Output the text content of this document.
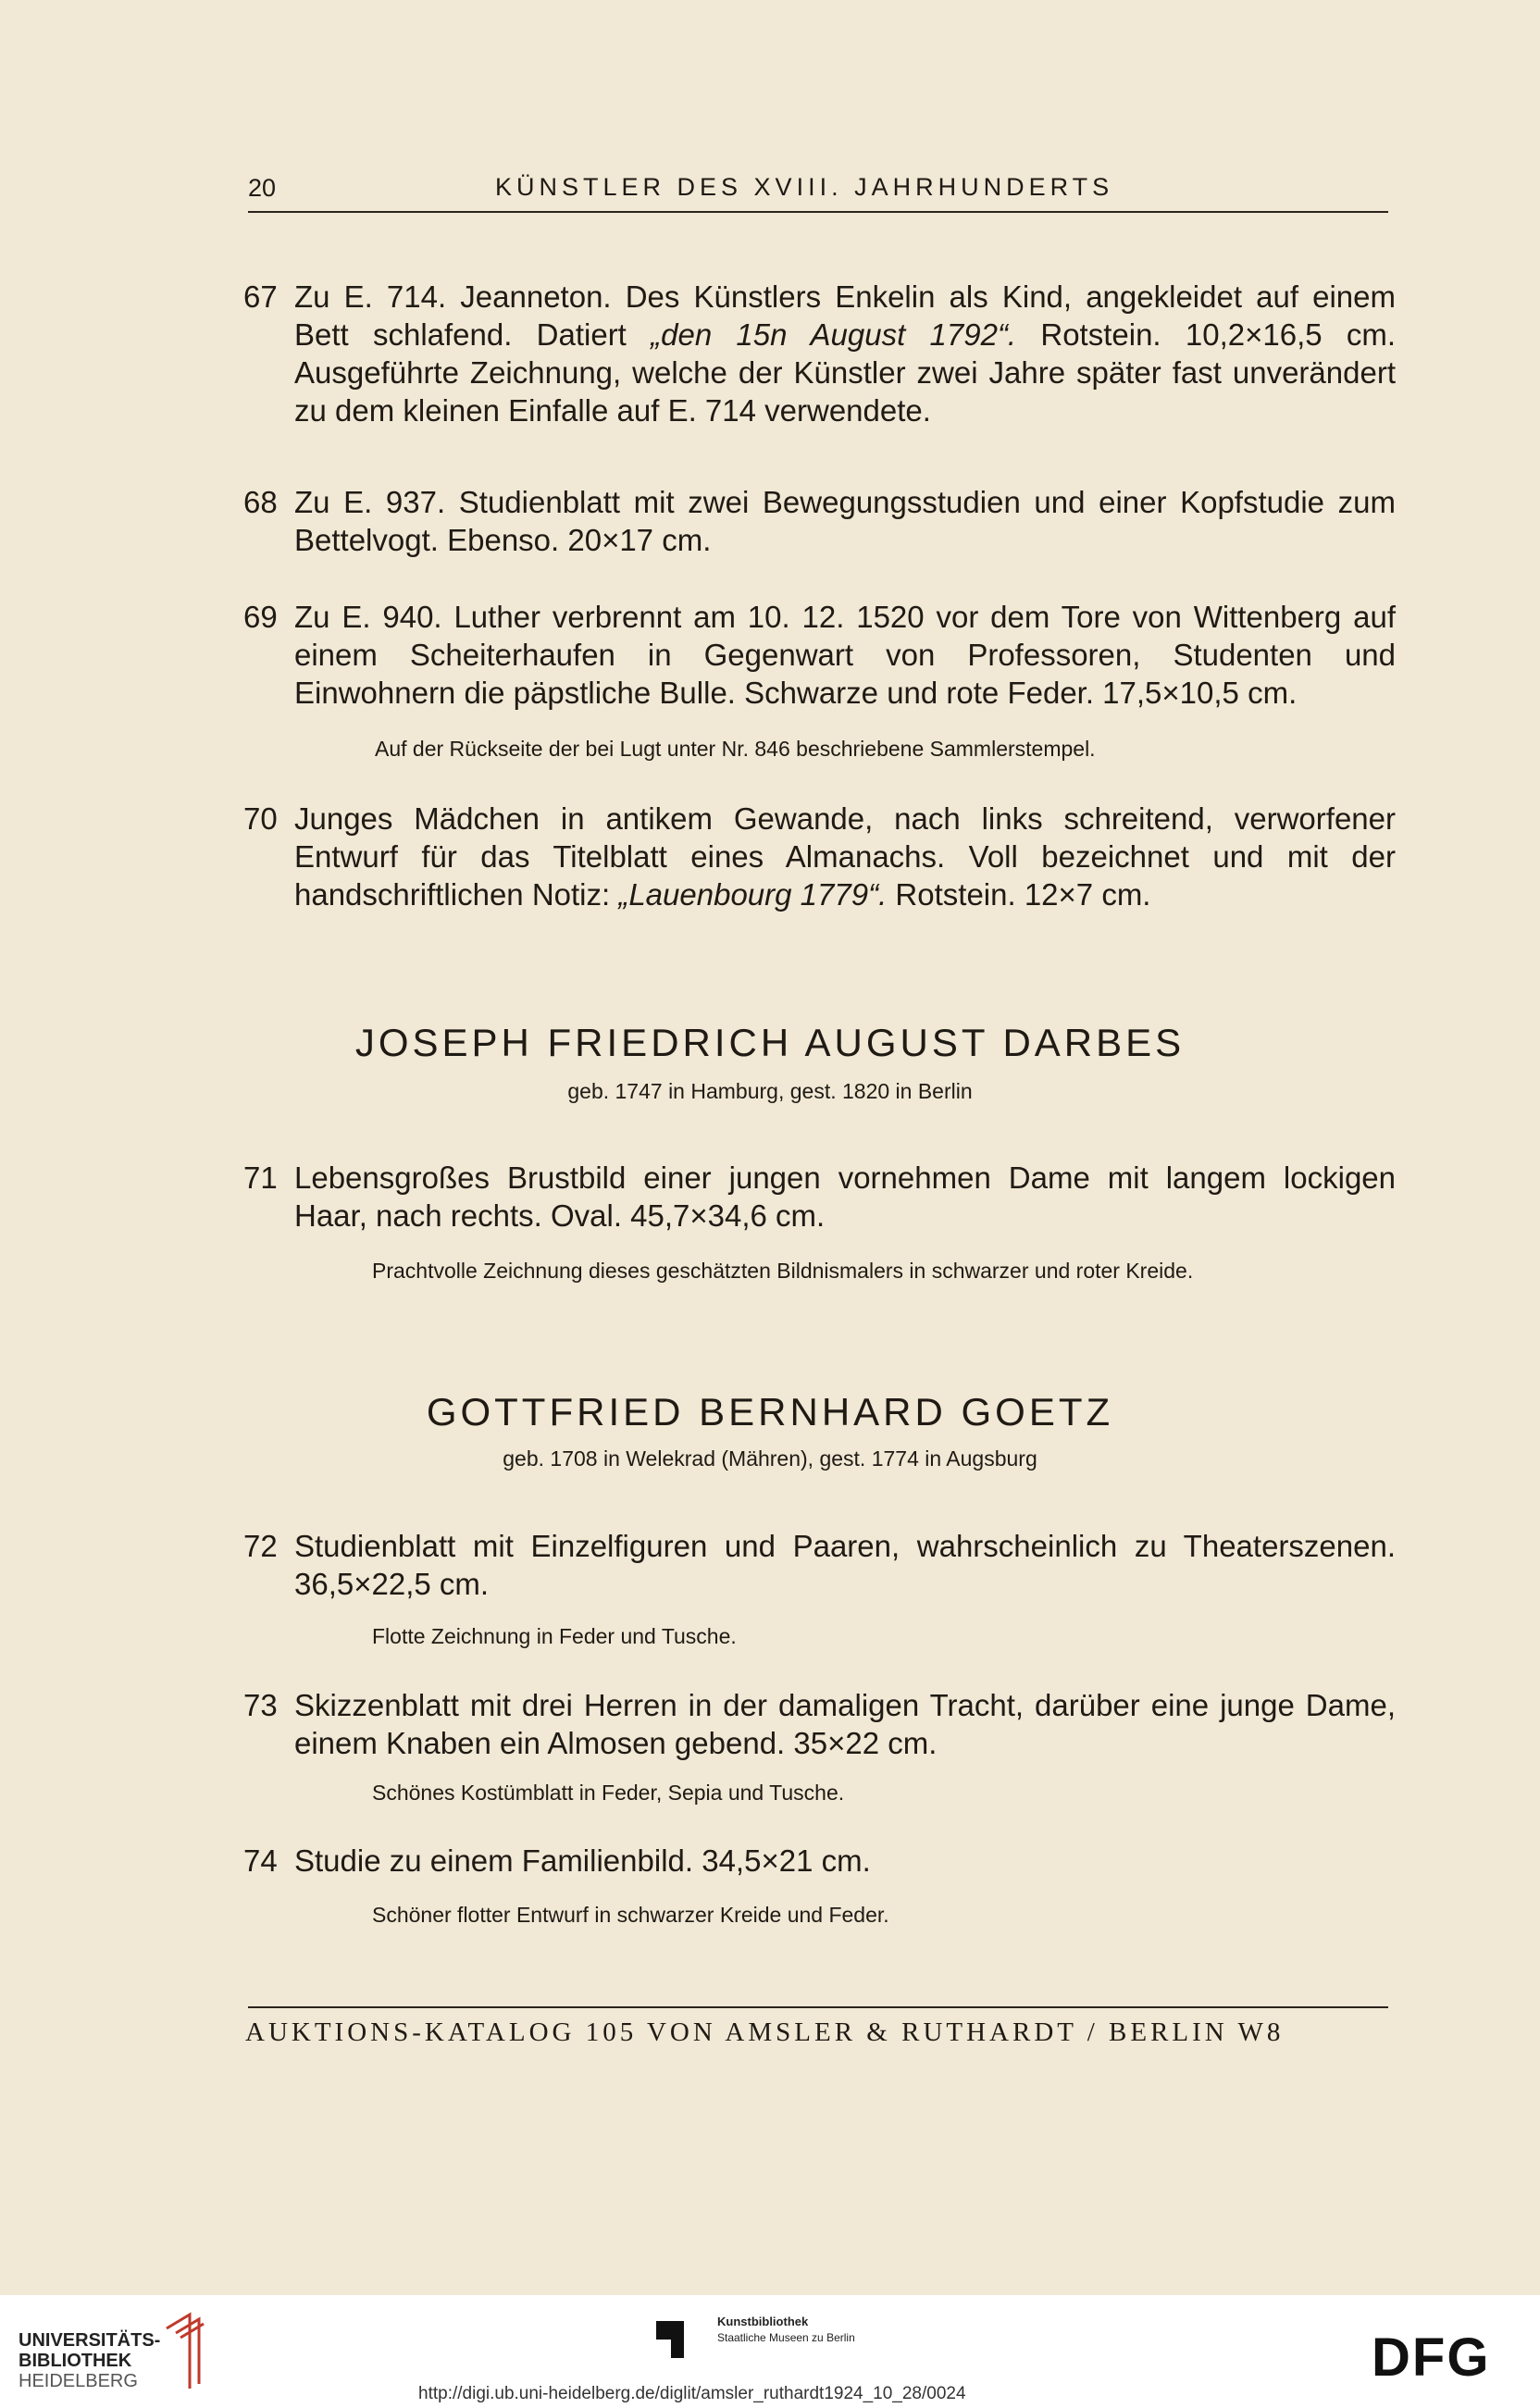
20	KÜNSTLER DES XVIII. JAHRHUNDERTS
67 Zu E. 714. Jeanneton. Des Künstlers Enkelin als Kind, angekleidet auf einem Bett schlafend. Datiert „den 15n August 1792“. Rotstein. 10,2×16,5 cm. Ausgeführte Zeichnung, welche der Künstler zwei Jahre später fast unverändert zu dem kleinen Einfalle auf E. 714 verwendete.
68 Zu E. 937. Studienblatt mit zwei Bewegungsstudien und einer Kopfstudie zum Bettelvogt. Ebenso. 20×17 cm.
69 Zu E. 940. Luther verbrennt am 10. 12. 1520 vor dem Tore von Wittenberg auf einem Scheiterhaufen in Gegenwart von Professoren, Studenten und Einwohnern die päpstliche Bulle. Schwarze und rote Feder. 17,5×10,5 cm.
Auf der Rückseite der bei Lugt unter Nr. 846 beschriebene Sammlerstempel.
70 Junges Mädchen in antikem Gewande, nach links schreitend, verworfener Entwurf für das Titelblatt eines Almanachs. Voll bezeichnet und mit der handschriftlichen Notiz: „Lauenbourg 1779“. Rotstein. 12×7 cm.
JOSEPH FRIEDRICH AUGUST DARBES
geb. 1747 in Hamburg, gest. 1820 in Berlin
71 Lebensgroßes Brustbild einer jungen vornehmen Dame mit langem lockigen Haar, nach rechts. Oval. 45,7×34,6 cm.
Prachtvolle Zeichnung dieses geschätzten Bildnismalers in schwarzer und roter Kreide.
GOTTFRIED BERNHARD GOETZ
geb. 1708 in Welekrad (Mähren), gest. 1774 in Augsburg
72 Studienblatt mit Einzelfiguren und Paaren, wahrscheinlich zu Theaterszenen. 36,5×22,5 cm.
Flotte Zeichnung in Feder und Tusche.
73 Skizzenblatt mit drei Herren in der damaligen Tracht, darüber eine junge Dame, einem Knaben ein Almosen gebend. 35×22 cm.
Schönes Kostümblatt in Feder, Sepia und Tusche.
74 Studie zu einem Familienbild. 34,5×21 cm.
Schöner flotter Entwurf in schwarzer Kreide und Feder.
AUKTIONS-KATALOG 105 VON AMSLER & RUTHARDT / BERLIN W8
UNIVERSITÄTS-
BIBLIOTHEK
HEIDELBERG
Kunstbibliothek
Staatliche Museen zu Berlin	DFG
http://digi.ub.uni-heidelberg.de/diglit/amsler_ruthardt1924_10_28/0024
